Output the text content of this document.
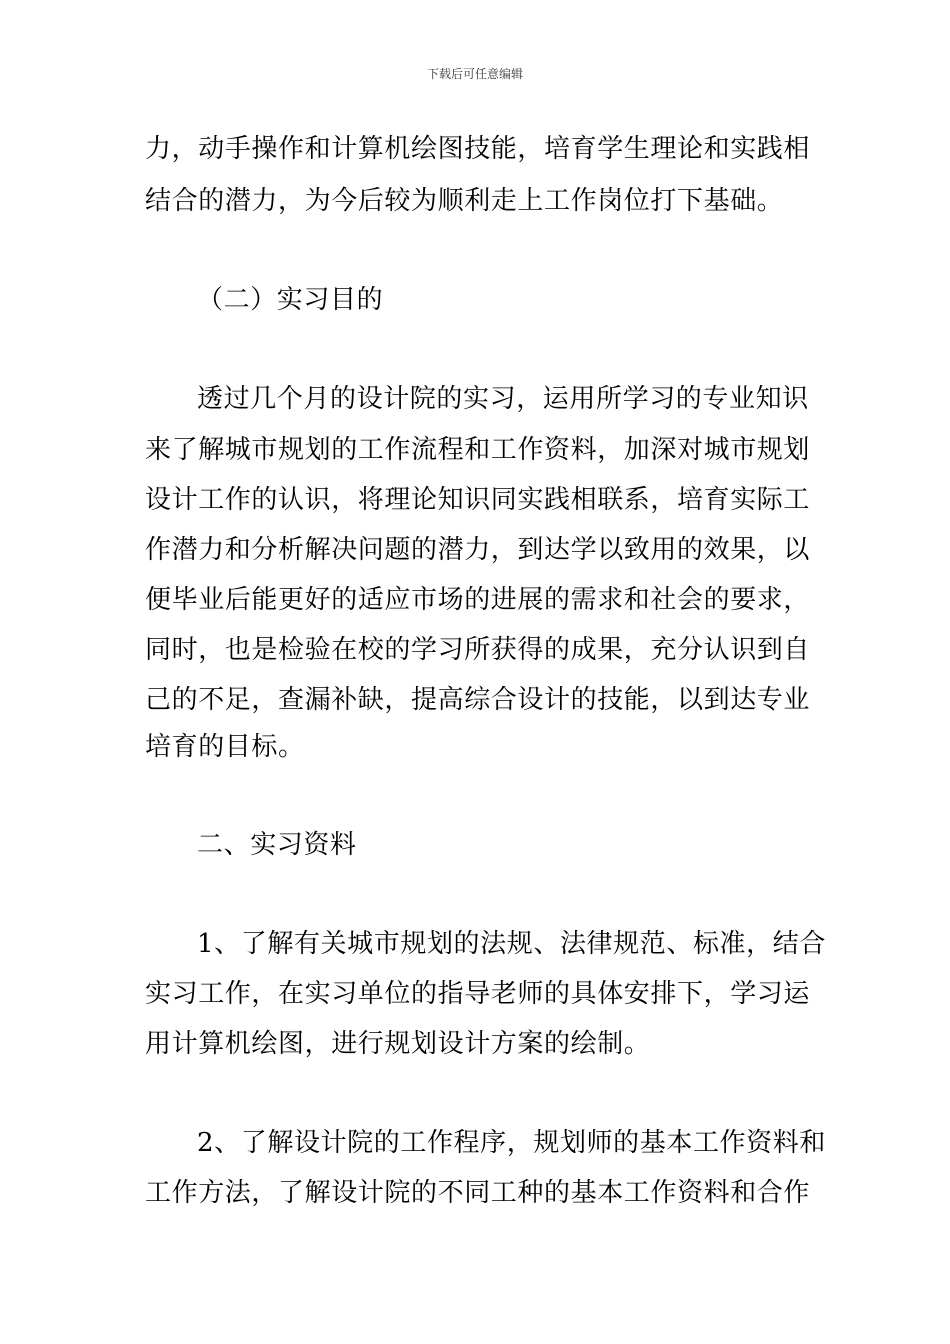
下载后可任意编辑
力，动手操作和计算机绘图技能，培育学生理论和实践相
结合的潜力，为今后较为顺利走上工作岗位打下基础。
（二）实习目的
透过几个月的设计院的实习，运用所学习的专业知识
来了解城市规划的工作流程和工作资料，加深对城市规划
设计工作的认识，将理论知识同实践相联系，培育实际工
作潜力和分析解决问题的潜力，到达学以致用的效果，以
便毕业后能更好的适应市场的进展的需求和社会的要求，
同时，也是检验在校的学习所获得的成果，充分认识到自
己的不足，查漏补缺，提高综合设计的技能，以到达专业
培育的目标。
二、实习资料
1、了解有关城市规划的法规、法律规范、标准，结合
实习工作，在实习单位的指导老师的具体安排下，学习运
用计算机绘图，进行规划设计方案的绘制。
2、了解设计院的工作程序，规划师的基本工作资料和
工作方法，了解设计院的不同工种的基本工作资料和合作
